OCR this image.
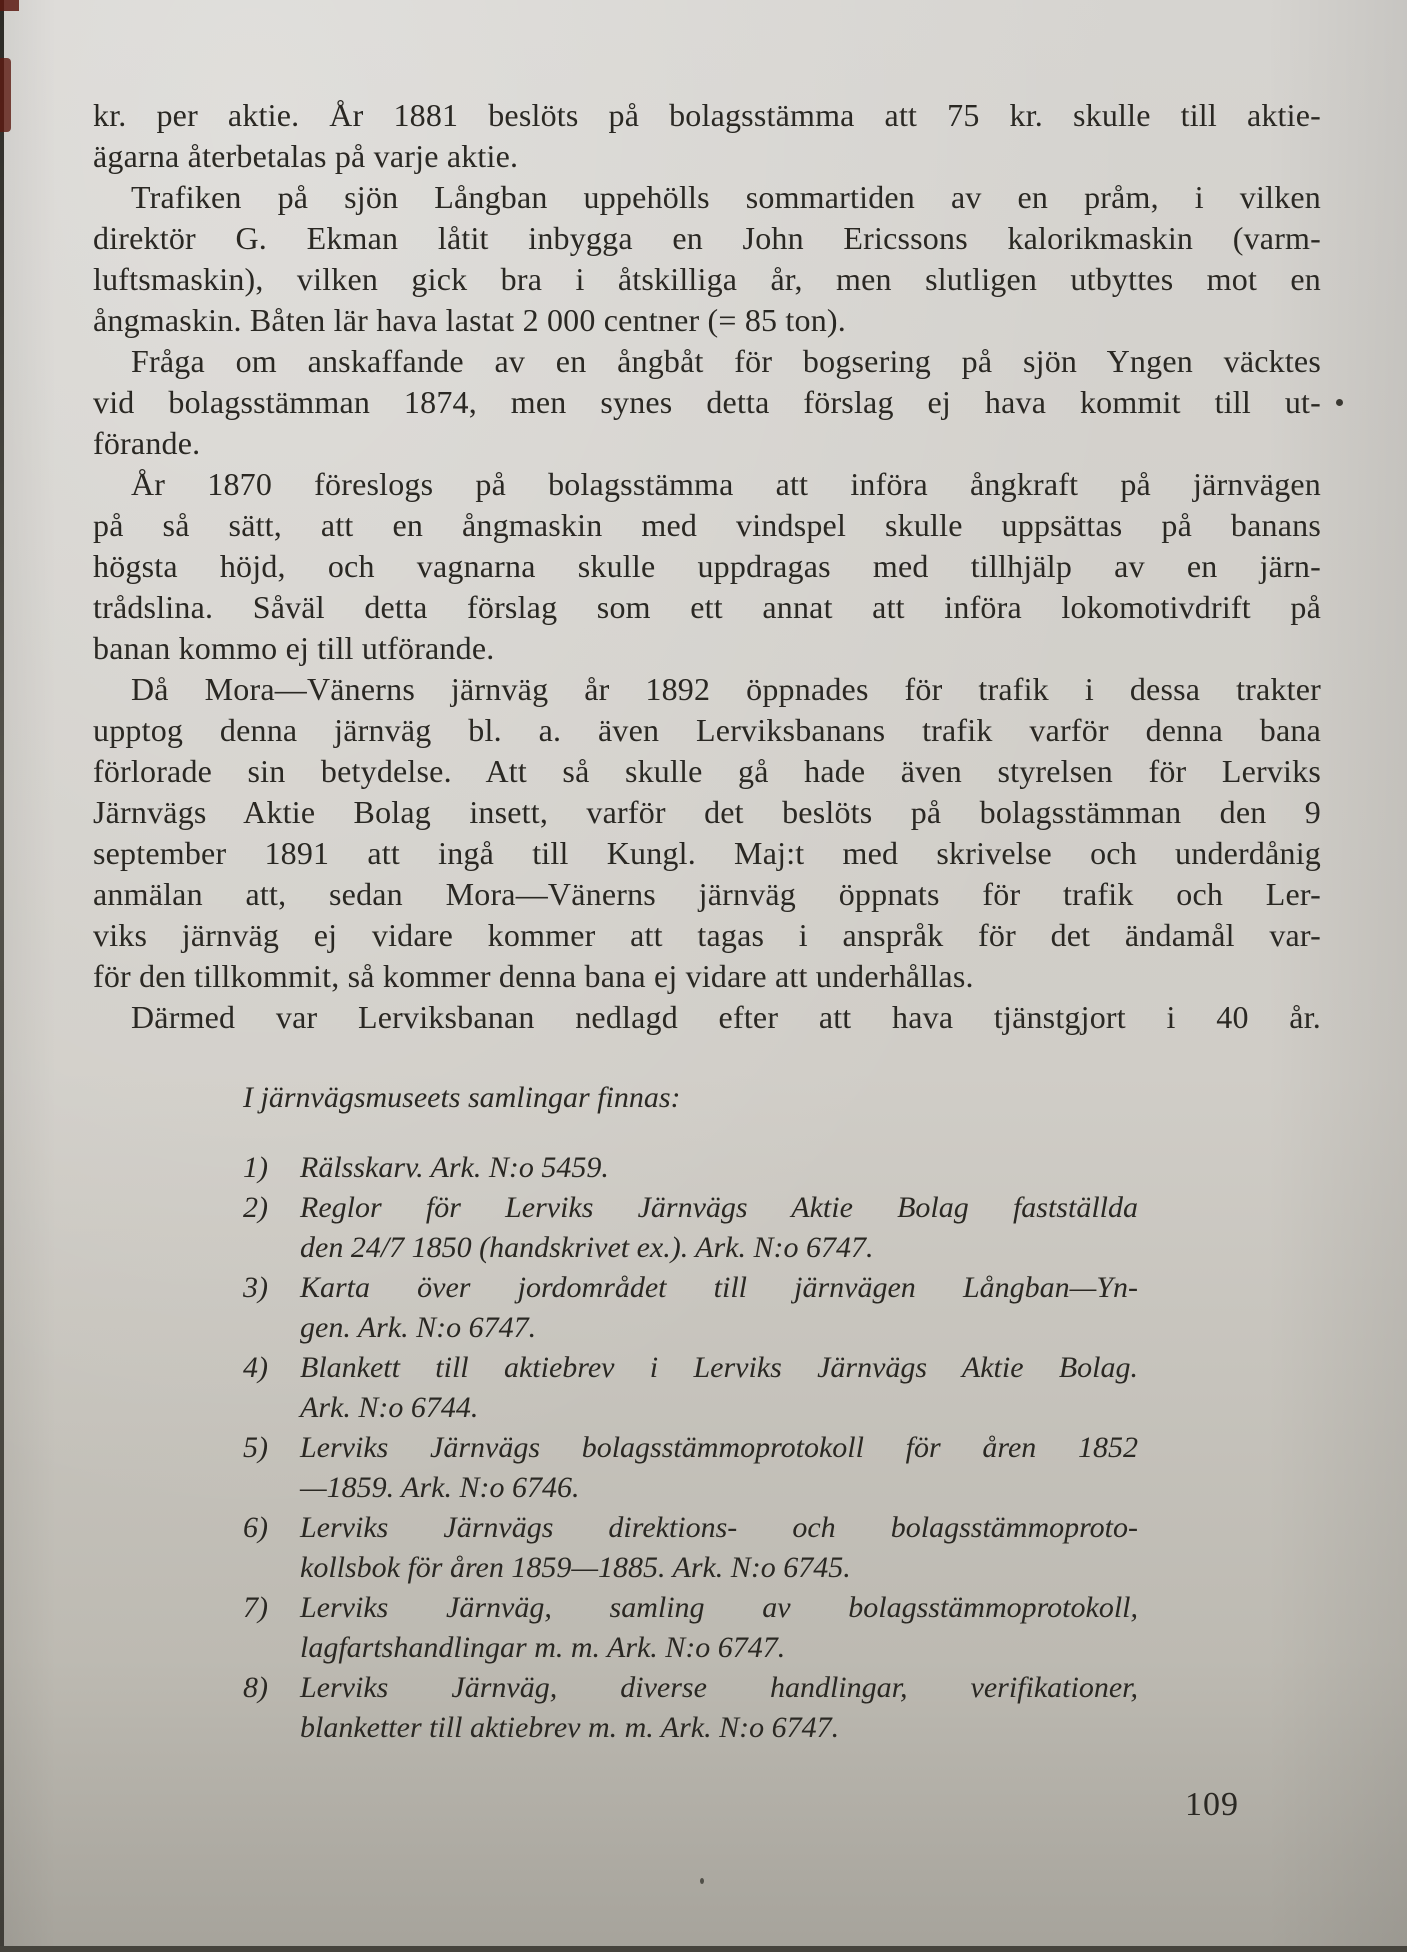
kr. per aktie. År 1881 beslöts på bolagsstämma att 75 kr. skulle till aktie-
ägarna återbetalas på varje aktie.
Trafiken på sjön Långban uppehölls sommartiden av en pråm, i vilken
direktör G. Ekman låtit inbygga en John Ericssons kalorikmaskin (varm-
luftsmaskin), vilken gick bra i åtskilliga år, men slutligen utbyttes mot en
ångmaskin. Båten lär hava lastat 2 000 centner (= 85 ton).
Fråga om anskaffande av en ångbåt för bogsering på sjön Yngen väcktes
vid bolagsstämman 1874, men synes detta förslag ej hava kommit till ut-
förande.
År 1870 föreslogs på bolagsstämma att införa ångkraft på järnvägen
på så sätt, att en ångmaskin med vindspel skulle uppsättas på banans
högsta höjd, och vagnarna skulle uppdragas med tillhjälp av en järn-
trådslina. Såväl detta förslag som ett annat att införa lokomotivdrift på
banan kommo ej till utförande.
Då Mora—Vänerns järnväg år 1892 öppnades för trafik i dessa trakter
upptog denna järnväg bl. a. även Lerviksbanans trafik varför denna bana
förlorade sin betydelse. Att så skulle gå hade även styrelsen för Lerviks
Järnvägs Aktie Bolag insett, varför det beslöts på bolagsstämman den 9
september 1891 att ingå till Kungl. Maj:t med skrivelse och underdånig
anmälan att, sedan Mora—Vänerns järnväg öppnats för trafik och Ler-
viks järnväg ej vidare kommer att tagas i anspråk för det ändamål var-
för den tillkommit, så kommer denna bana ej vidare att underhållas.
Därmed var Lerviksbanan nedlagd efter att hava tjänstgjort i 40 år.

I järnvägsmuseets samlingar finnas:

1)	Rälsskarv. Ark. N:o 5459.
2)	Reglor för Lerviks Järnvägs Aktie Bolag fastställda
den 24/7 1850 (handskrivet ex.). Ark. N:o 6747.
3)	Karta över jordområdet till järnvägen Långban—Yn-
gen. Ark. N:o 6747.
4)	Blankett till aktiebrev i Lerviks Järnvägs Aktie Bolag.
Ark. N:o 6744.
5)	Lerviks Järnvägs bolagsstämmoprotokoll för åren 1852
—1859. Ark. N:o 6746.
6)	Lerviks Järnvägs direktions- och bolagsstämmoproto-
kollsbok för åren 1859—1885. Ark. N:o 6745.
7)	Lerviks Järnväg, samling av bolagsstämmoprotokoll,
lagfartshandlingar m. m. Ark. N:o 6747.
8)	Lerviks Järnväg, diverse handlingar, verifikationer,
blanketter till aktiebrev m. m. Ark. N:o 6747.
109
